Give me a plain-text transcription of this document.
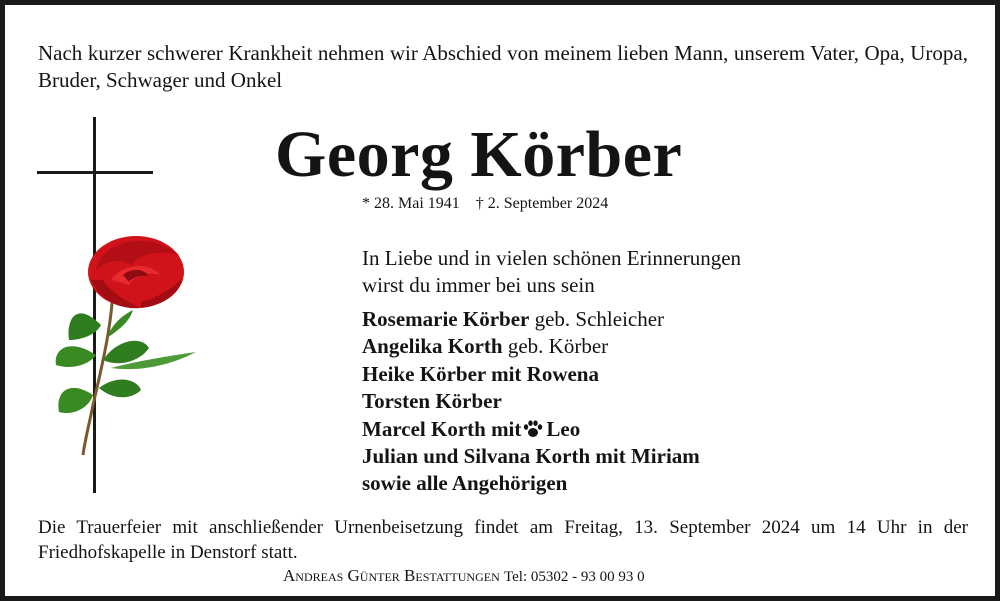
Nach kurzer schwerer Krankheit nehmen wir Abschied von meinem lieben Mann, unserem Vater, Opa, Uropa, Bruder, Schwager und Onkel
Georg Körber
* 28. Mai 1941 † 2. September 2024
In Liebe und in vielen schönen Erinnerungen
wirst du immer bei uns sein
Rosemarie Körber geb. Schleicher
Angelika Korth geb. Körber
Heike Körber mit Rowena
Torsten Körber
Marcel Korth mit Leo
Julian und Silvana Korth mit Miriam
sowie alle Angehörigen
Die Trauerfeier mit anschließender Urnenbeisetzung findet am Freitag, 13. September 2024 um 14 Uhr in der Friedhofskapelle in Denstorf statt.
Andreas Günter Bestattungen Tel: 05302 - 93 00 93 0
